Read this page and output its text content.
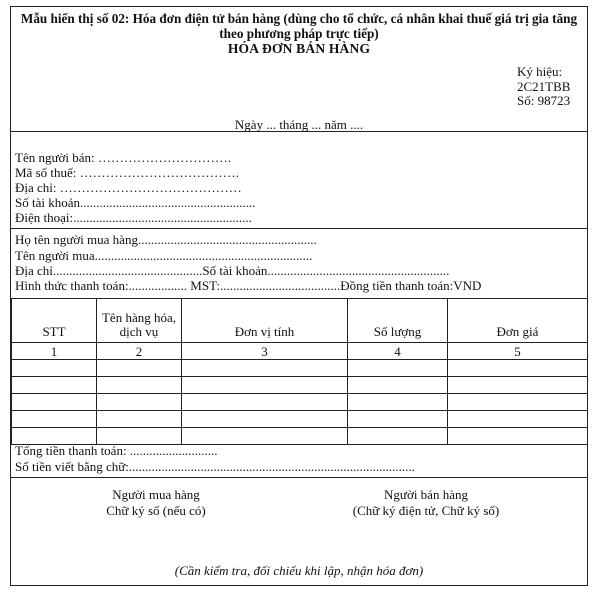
Mẫu hiển thị số 02: Hóa đơn điện tử bán hàng (dùng cho tổ chức, cá nhân khai thuế giá trị gia tăng
theo phương pháp trực tiếp)
HÓA ĐƠN BÁN HÀNG
Ký hiệu:
2C21TBB
Số: 98723
Ngày ... tháng ... năm ....
Tên người bán: ………………………….
Mã số thuế: ……………………………….
Địa chỉ: ……………………………………
Số tài khoản......................................................
Điện thoại:.......................................................
Họ tên người mua hàng.......................................................
Tên người mua...................................................................
Địa chỉ..............................................Số tài khoản........................................................
Hình thức thanh toán:.................. MST:.....................................Đồng tiền thanh toán:VND
STT	Tên hàng hóa, dịch vụ	Đơn vị tính	Số lượng	Đơn giá
1	2	3	4	5

Tổng tiền thanh toán: ...........................
Số tiền viết bằng chữ:........................................................................................
Người mua hàng
Chữ ký số (nếu có)
Người bán hàng
(Chữ ký điện tử, Chữ ký số)
(Cần kiểm tra, đối chiếu khi lập, nhận hóa đơn)
